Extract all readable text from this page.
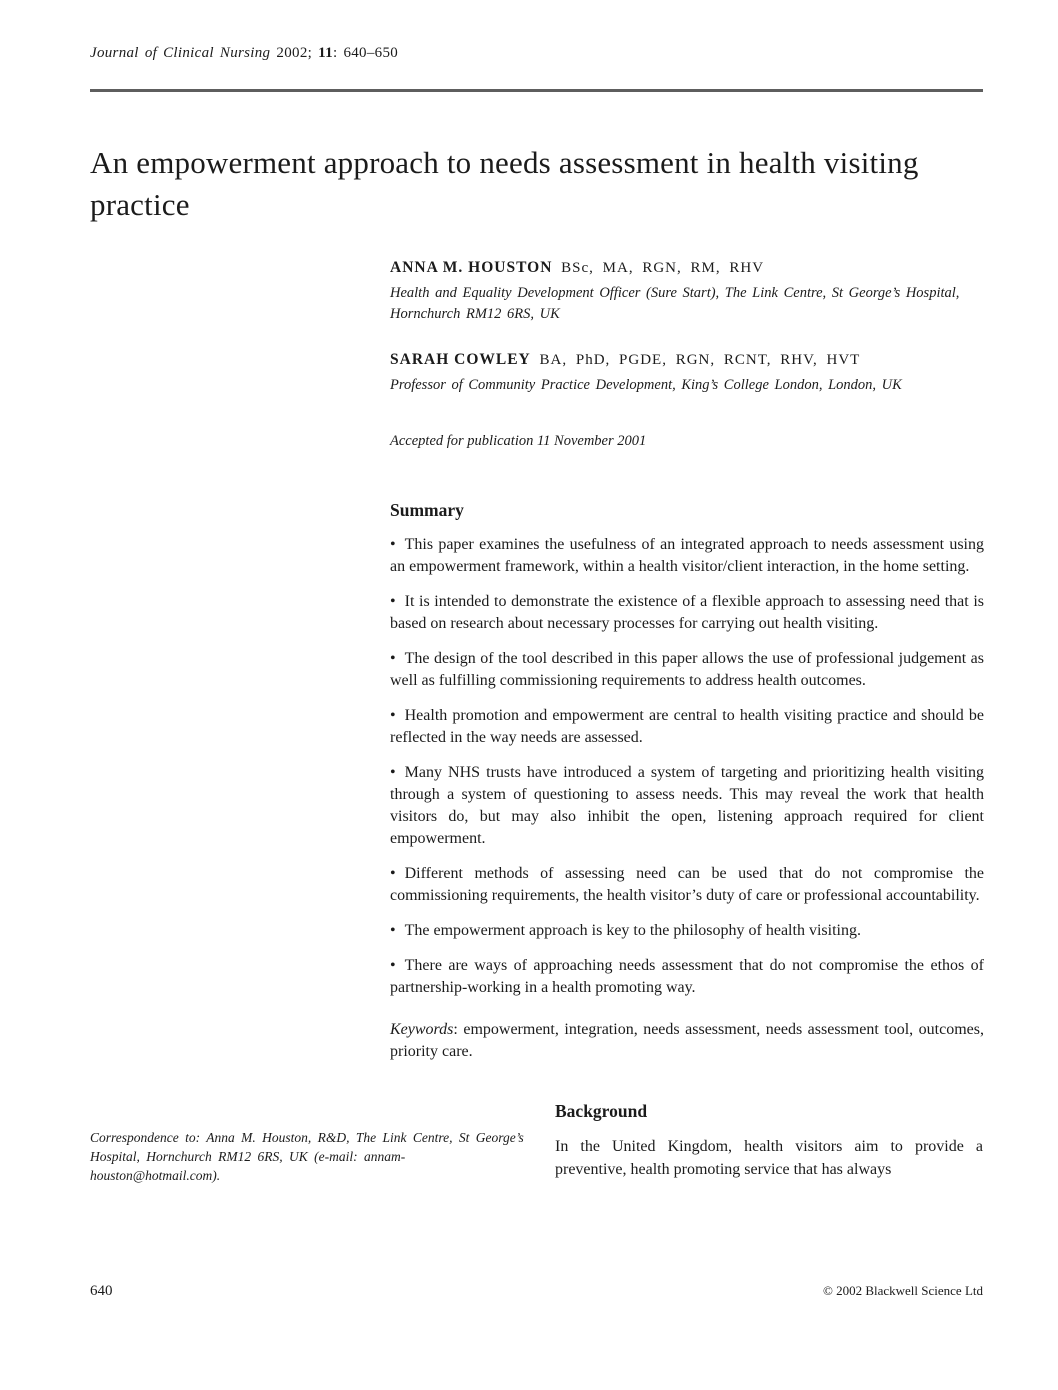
Journal of Clinical Nursing 2002; 11: 640–650
An empowerment approach to needs assessment in health visiting practice
ANNA M. HOUSTON BSc, MA, RGN, RM, RHV
Health and Equality Development Officer (Sure Start), The Link Centre, St George’s Hospital, Hornchurch RM12 6RS, UK
SARAH COWLEY BA, PhD, PGDE, RGN, RCNT, RHV, HVT
Professor of Community Practice Development, King’s College London, London, UK
Accepted for publication 11 November 2001
Summary

• This paper examines the usefulness of an integrated approach to needs assessment using an empowerment framework, within a health visitor/client interaction, in the home setting.

• It is intended to demonstrate the existence of a flexible approach to assessing need that is based on research about necessary processes for carrying out health visiting.

• The design of the tool described in this paper allows the use of professional judgement as well as fulfilling commissioning requirements to address health outcomes.

• Health promotion and empowerment are central to health visiting practice and should be reflected in the way needs are assessed.

• Many NHS trusts have introduced a system of targeting and prioritizing health visiting through a system of questioning to assess needs. This may reveal the work that health visitors do, but may also inhibit the open, listening approach required for client empowerment.

• Different methods of assessing need can be used that do not compromise the commissioning requirements, the health visitor’s duty of care or professional accountability.

• The empowerment approach is key to the philosophy of health visiting.

• There are ways of approaching needs assessment that do not compromise the ethos of partnership-working in a health promoting way.

Keywords: empowerment, integration, needs assessment, needs assessment tool, outcomes, priority care.

Correspondence to: Anna M. Houston, R&D, The Link Centre, St George’s Hospital, Hornchurch RM12 6RS, UK (e-mail: annam-houston@hotmail.com).
Background

In the United Kingdom, health visitors aim to provide a preventive, health promoting service that has always

640	© 2002 Blackwell Science Ltd
